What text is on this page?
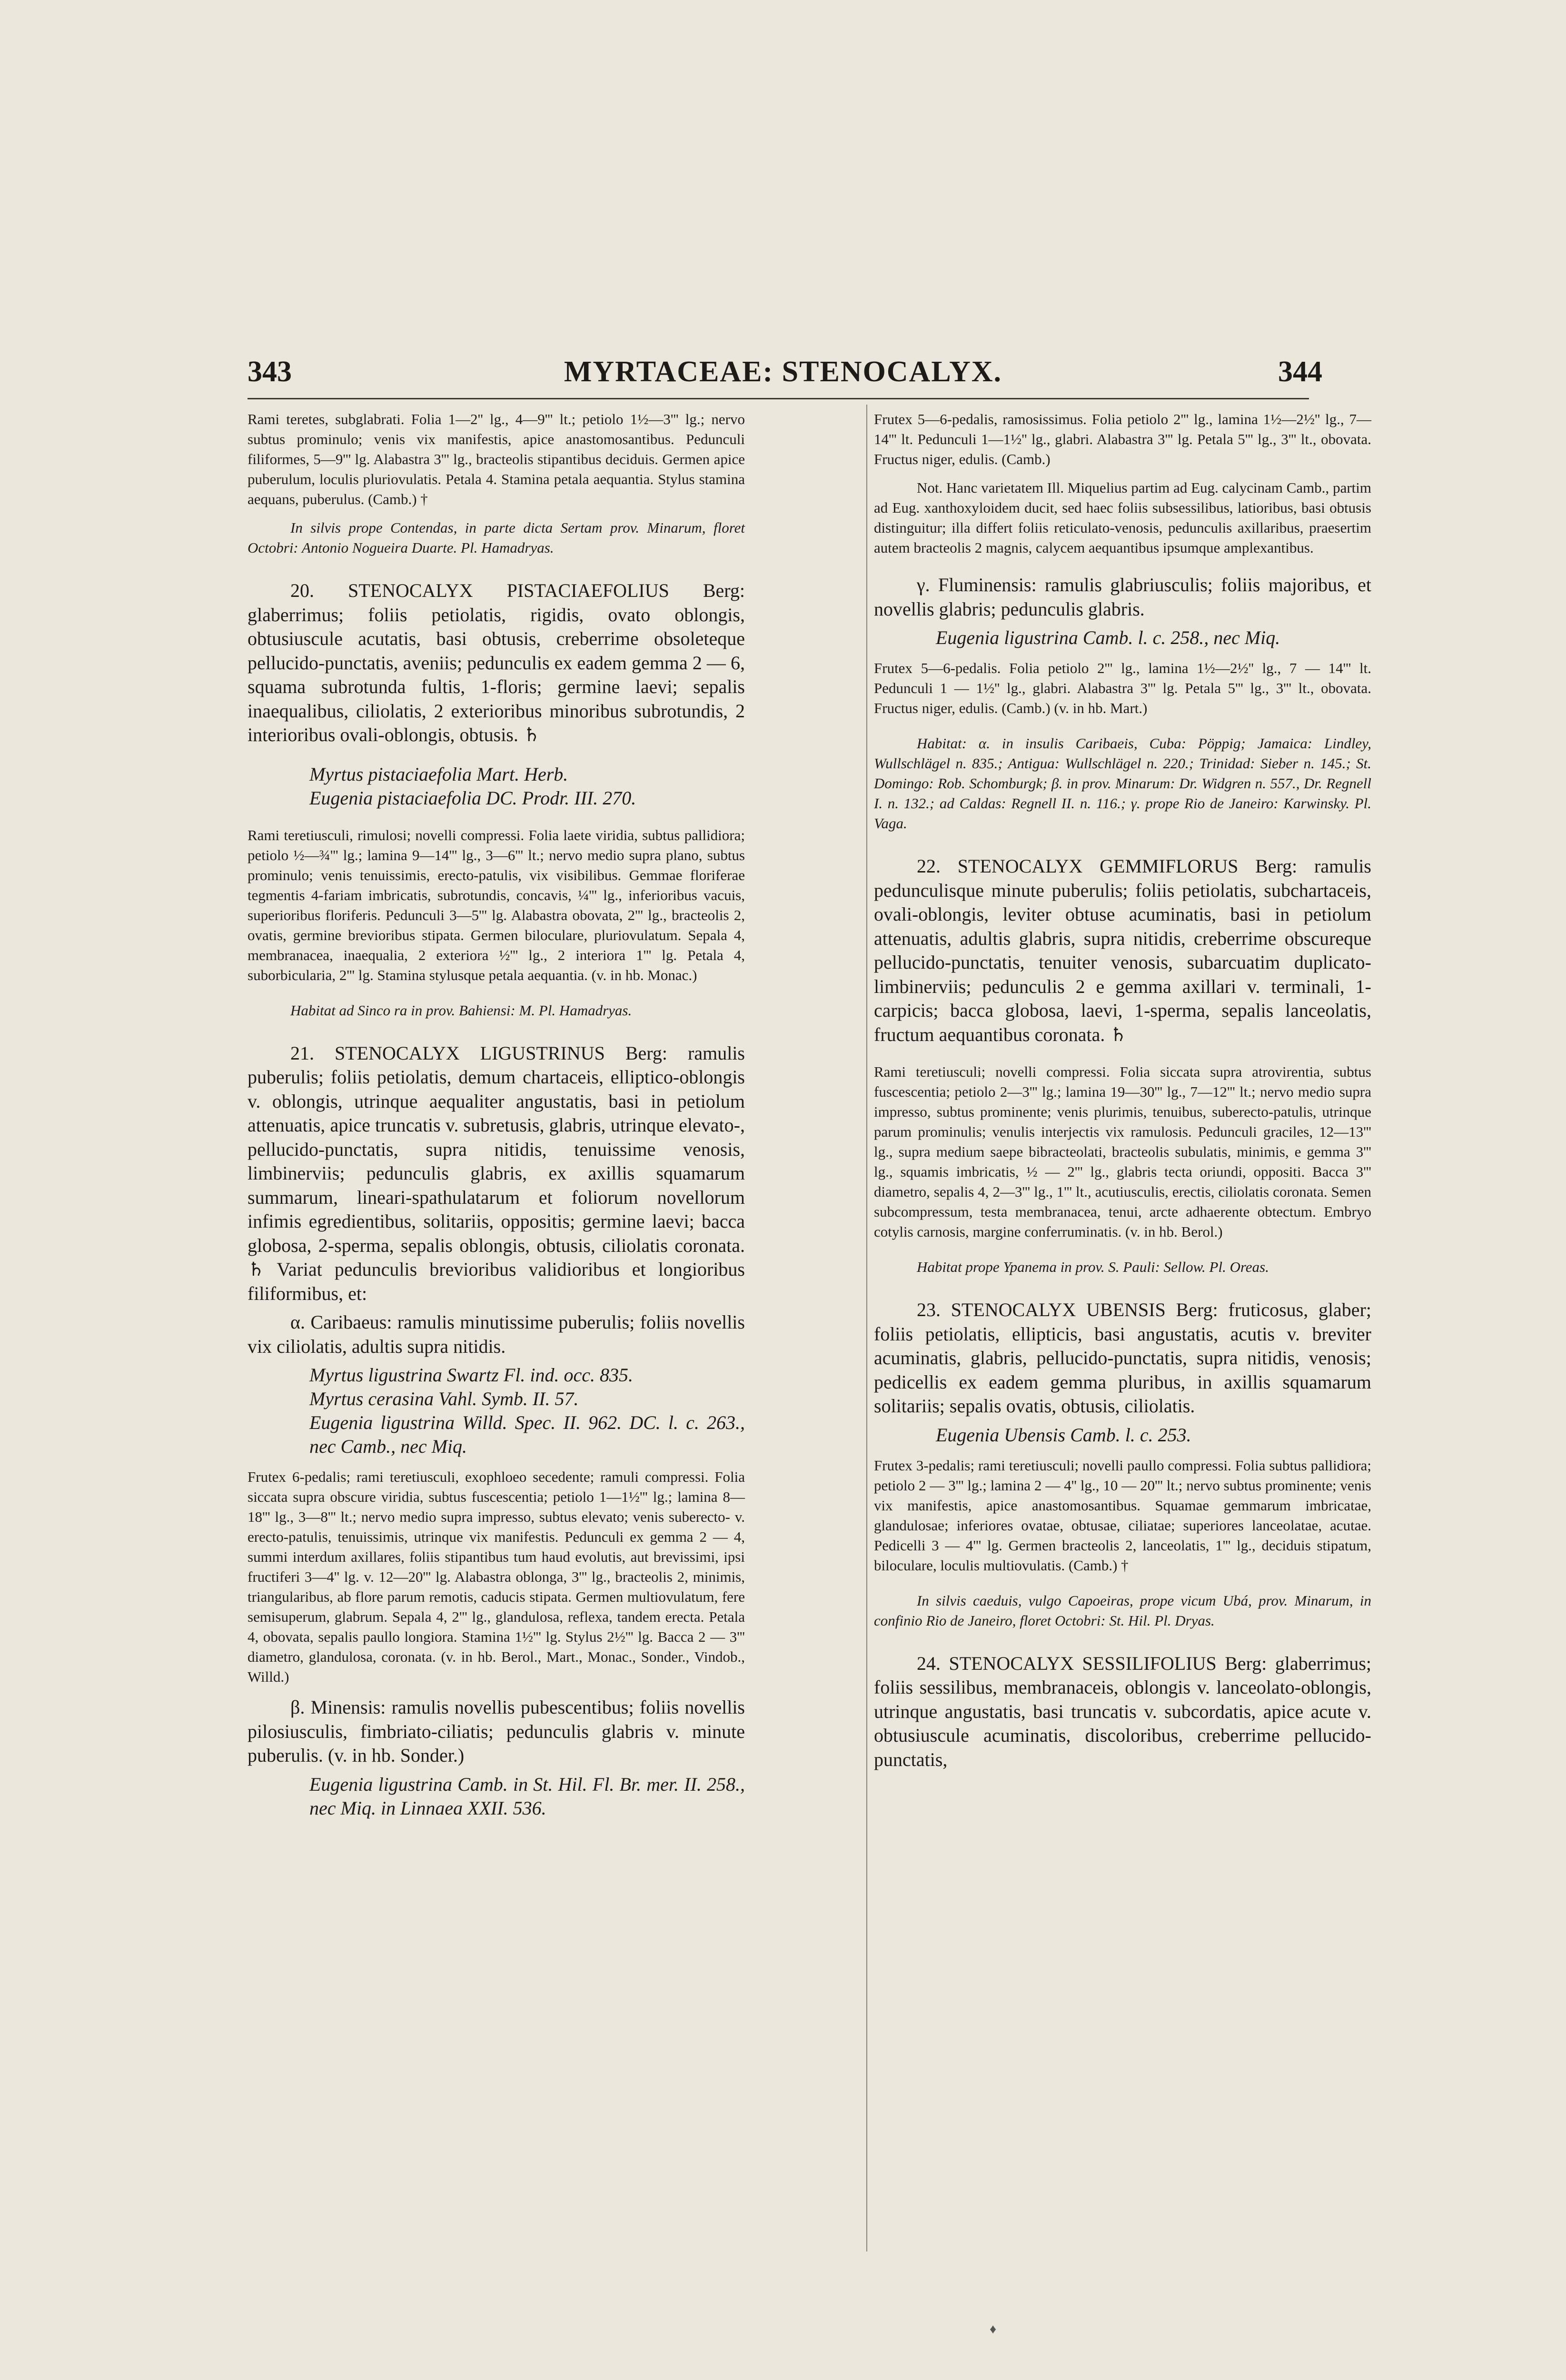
343	MYRTACEAE: STENOCALYX.	344

Rami teretes, subglabrati. Folia 1—2'' lg., 4—9''' lt.; petiolo 1½—3''' lg.; nervo subtus prominulo; venis vix manifestis, apice anastomosantibus. Pedunculi filiformes, 5—9''' lg. Alabastra 3''' lg., bracteolis stipantibus deciduis. Germen apice puberulum, loculis pluriovulatis. Petala 4. Stamina petala aequantia. Stylus stamina aequans, puberulus. (Camb.) †

In silvis prope Contendas, in parte dicta Sertam prov. Minarum, floret Octobri: Antonio Nogueira Duarte. Pl. Hamadryas.

20. STENOCALYX PISTACIAEFOLIUS Berg: glaberrimus; foliis petiolatis, rigidis, ovato oblongis, obtusiuscule acutatis, basi obtusis, creberrime obsoleteque pellucido-punctatis, aveniis; pedunculis ex eadem gemma 2 — 6, squama subrotunda fultis, 1-floris; germine laevi; sepalis inaequalibus, ciliolatis, 2 exterioribus minoribus subrotundis, 2 interioribus ovali-oblongis, obtusis. ♄

Myrtus pistaciaefolia Mart. Herb.

Eugenia pistaciaefolia DC. Prodr. III. 270.

Rami teretiusculi, rimulosi; novelli compressi. Folia laete viridia, subtus pallidiora; petiolo ½—¾''' lg.; lamina 9—14''' lg., 3—6''' lt.; nervo medio supra plano, subtus prominulo; venis tenuissimis, erecto-patulis, vix visibilibus. Gemmae floriferae tegmentis 4-fariam imbricatis, subrotundis, concavis, ¼''' lg., inferioribus vacuis, superioribus floriferis. Pedunculi 3—5''' lg. Alabastra obovata, 2''' lg., bracteolis 2, ovatis, germine brevioribus stipata. Germen biloculare, pluriovulatum. Sepala 4, membranacea, inaequalia, 2 exteriora ½''' lg., 2 interiora 1''' lg. Petala 4, suborbicularia, 2''' lg. Stamina stylusque petala aequantia. (v. in hb. Monac.)

Habitat ad Sinco ra in prov. Bahiensi: M. Pl. Hamadryas.

21. STENOCALYX LIGUSTRINUS Berg: ramulis puberulis; foliis petiolatis, demum chartaceis, elliptico-oblongis v. oblongis, utrinque aequaliter angustatis, basi in petiolum attenuatis, apice truncatis v. subretusis, glabris, utrinque elevato-, pellucido-punctatis, supra nitidis, tenuissime venosis, limbinerviis; pedunculis glabris, ex axillis squamarum summarum, lineari-spathulatarum et foliorum novellorum infimis egredientibus, solitariis, oppositis; germine laevi; bacca globosa, 2-sperma, sepalis oblongis, obtusis, ciliolatis coronata. ♄ Variat pedunculis brevioribus validioribus et longioribus filiformibus, et:

α. Caribaeus: ramulis minutissime puberulis; foliis novellis vix ciliolatis, adultis supra nitidis.

Myrtus ligustrina Swartz Fl. ind. occ. 835.

Myrtus cerasina Vahl. Symb. II. 57.

Eugenia ligustrina Willd. Spec. II. 962. DC. l. c. 263., nec Camb., nec Miq.

Frutex 6-pedalis; rami teretiusculi, exophloeo secedente; ramuli compressi. Folia siccata supra obscure viridia, subtus fuscescentia; petiolo 1—1½''' lg.; lamina 8—18''' lg., 3—8''' lt.; nervo medio supra impresso, subtus elevato; venis suberecto- v. erecto-patulis, tenuissimis, utrinque vix manifestis. Pedunculi ex gemma 2 — 4, summi interdum axillares, foliis stipantibus tum haud evolutis, aut brevissimi, ipsi fructiferi 3—4'' lg. v. 12—20''' lg. Alabastra oblonga, 3''' lg., bracteolis 2, minimis, triangularibus, ab flore parum remotis, caducis stipata. Germen multiovulatum, fere semisuperum, glabrum. Sepala 4, 2''' lg., glandulosa, reflexa, tandem erecta. Petala 4, obovata, sepalis paullo longiora. Stamina 1½''' lg. Stylus 2½''' lg. Bacca 2 — 3''' diametro, glandulosa, coronata. (v. in hb. Berol., Mart., Monac., Sonder., Vindob., Willd.)

β. Minensis: ramulis novellis pubescentibus; foliis novellis pilosiusculis, fimbriato-ciliatis; pedunculis glabris v. minute puberulis. (v. in hb. Sonder.)

Eugenia ligustrina Camb. in St. Hil. Fl. Br. mer. II. 258., nec Miq. in Linnaea XXII. 536.

Frutex 5—6-pedalis, ramosissimus. Folia petiolo 2''' lg., lamina 1½—2½'' lg., 7—14''' lt. Pedunculi 1—1½'' lg., glabri. Alabastra 3''' lg. Petala 5''' lg., 3''' lt., obovata. Fructus niger, edulis. (Camb.)

Not. Hanc varietatem Ill. Miquelius partim ad Eug. calycinam Camb., partim ad Eug. xanthoxyloidem ducit, sed haec foliis subsessilibus, latioribus, basi obtusis distinguitur; illa differt foliis reticulato-venosis, pedunculis axillaribus, praesertim autem bracteolis 2 magnis, calycem aequantibus ipsumque amplexantibus.

γ. Fluminensis: ramulis glabriusculis; foliis majoribus, et novellis glabris; pedunculis glabris.

Eugenia ligustrina Camb. l. c. 258., nec Miq.

Frutex 5—6-pedalis. Folia petiolo 2''' lg., lamina 1½—2½'' lg., 7 — 14''' lt. Pedunculi 1 — 1½'' lg., glabri. Alabastra 3''' lg. Petala 5''' lg., 3''' lt., obovata. Fructus niger, edulis. (Camb.) (v. in hb. Mart.)

Habitat: α. in insulis Caribaeis, Cuba: Pöppig; Jamaica: Lindley, Wullschlägel n. 835.; Antigua: Wullschlägel n. 220.; Trinidad: Sieber n. 145.; St. Domingo: Rob. Schomburgk; β. in prov. Minarum: Dr. Widgren n. 557., Dr. Regnell I. n. 132.; ad Caldas: Regnell II. n. 116.; γ. prope Rio de Janeiro: Karwinsky. Pl. Vaga.

22. STENOCALYX GEMMIFLORUS Berg: ramulis pedunculisque minute puberulis; foliis petiolatis, subchartaceis, ovali-oblongis, leviter obtuse acuminatis, basi in petiolum attenuatis, adultis glabris, supra nitidis, creberrime obscureque pellucido-punctatis, tenuiter venosis, subarcuatim duplicato-limbinerviis; pedunculis 2 e gemma axillari v. terminali, 1-carpicis; bacca globosa, laevi, 1-sperma, sepalis lanceolatis, fructum aequantibus coronata. ♄

Rami teretiusculi; novelli compressi. Folia siccata supra atrovirentia, subtus fuscescentia; petiolo 2—3''' lg.; lamina 19—30''' lg., 7—12''' lt.; nervo medio supra impresso, subtus prominente; venis plurimis, tenuibus, suberecto-patulis, utrinque parum prominulis; venulis interjectis vix ramulosis. Pedunculi graciles, 12—13''' lg., supra medium saepe bibracteolati, bracteolis subulatis, minimis, e gemma 3''' lg., squamis imbricatis, ½ — 2''' lg., glabris tecta oriundi, oppositi. Bacca 3''' diametro, sepalis 4, 2—3''' lg., 1''' lt., acutiusculis, erectis, ciliolatis coronata. Semen subcompressum, testa membranacea, tenui, arcte adhaerente obtectum. Embryo cotylis carnosis, margine conferruminatis. (v. in hb. Berol.)

Habitat prope Ypanema in prov. S. Pauli: Sellow. Pl. Oreas.

23. STENOCALYX UBENSIS Berg: fruticosus, glaber; foliis petiolatis, ellipticis, basi angustatis, acutis v. breviter acuminatis, glabris, pellucido-punctatis, supra nitidis, venosis; pedicellis ex eadem gemma pluribus, in axillis squamarum solitariis; sepalis ovatis, obtusis, ciliolatis.

Eugenia Ubensis Camb. l. c. 253.

Frutex 3-pedalis; rami teretiusculi; novelli paullo compressi. Folia subtus pallidiora; petiolo 2 — 3''' lg.; lamina 2 — 4'' lg., 10 — 20''' lt.; nervo subtus prominente; venis vix manifestis, apice anastomosantibus. Squamae gemmarum imbricatae, glandulosae; inferiores ovatae, obtusae, ciliatae; superiores lanceolatae, acutae. Pedicelli 3 — 4''' lg. Germen bracteolis 2, lanceolatis, 1''' lg., deciduis stipatum, biloculare, loculis multiovulatis. (Camb.) †

In silvis caeduis, vulgo Capoeiras, prope vicum Ubá, prov. Minarum, in confinio Rio de Janeiro, floret Octobri: St. Hil. Pl. Dryas.

24. STENOCALYX SESSILIFOLIUS Berg: glaberrimus; foliis sessilibus, membranaceis, oblongis v. lanceolato-oblongis, utrinque angustatis, basi truncatis v. subcordatis, apice acute v. obtusiuscule acuminatis, discoloribus, creberrime pellucido-punctatis,

♦
